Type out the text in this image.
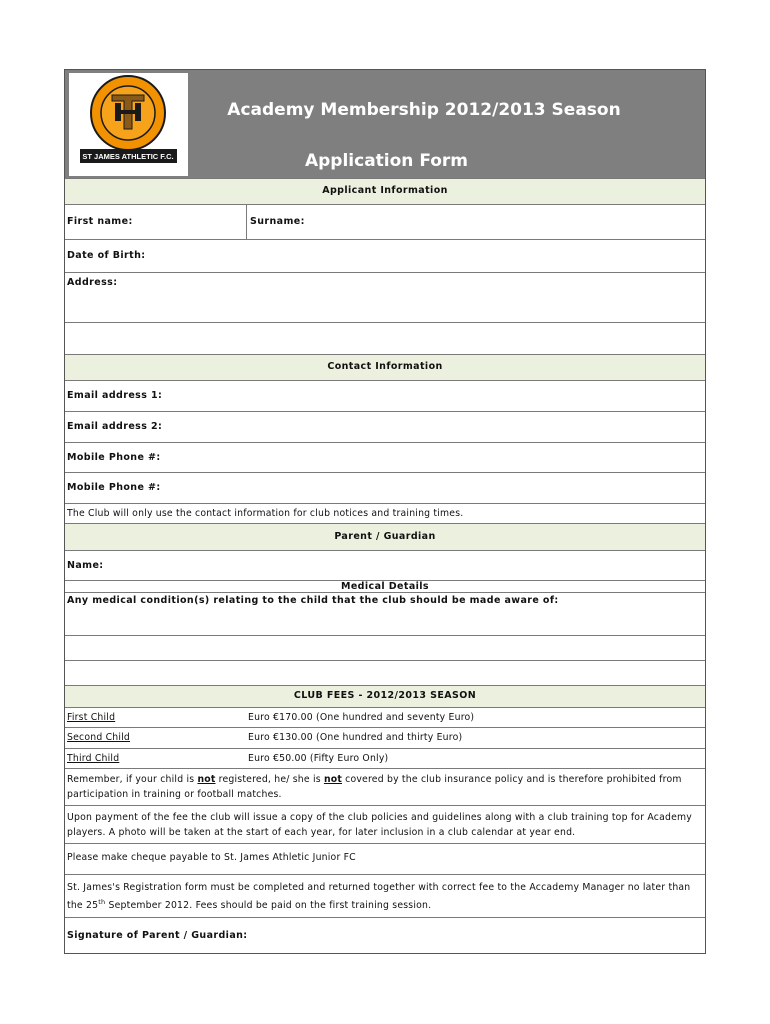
ST JAMES ATHLETIC F.C.
Academy Membership 2012/2013 Season
Application Form
Applicant Information
First name:	Surname:
Date of Birth:
Address:
Contact Information
Email address 1:
Email address 2:
Mobile Phone #:
Mobile Phone #:
The Club will only use the contact information for club notices and training times.
Parent / Guardian
Name:
Medical Details
Any medical condition(s) relating to the child that the club should be made aware of:
CLUB FEES - 2012/2013 SEASON
First Child	Euro €170.00 (One hundred and seventy Euro)
Second Child	Euro €130.00 (One hundred and thirty Euro)
Third Child	Euro €50.00 (Fifty Euro Only)
Remember, if your child is not registered, he/ she is not covered by the club insurance policy and is therefore prohibited from participation in training or football matches.
Upon payment of the fee the club will issue a copy of the club policies and guidelines along with a club training top for Academy players. A photo will be taken at the start of each year, for later inclusion in a club calendar at year end.
Please make cheque payable to St. James Athletic Junior FC
St. James's Registration form must be completed and returned together with correct fee to the Accademy Manager no later than the 25th September 2012. Fees should be paid on the first training session.
Signature of Parent / Guardian:
